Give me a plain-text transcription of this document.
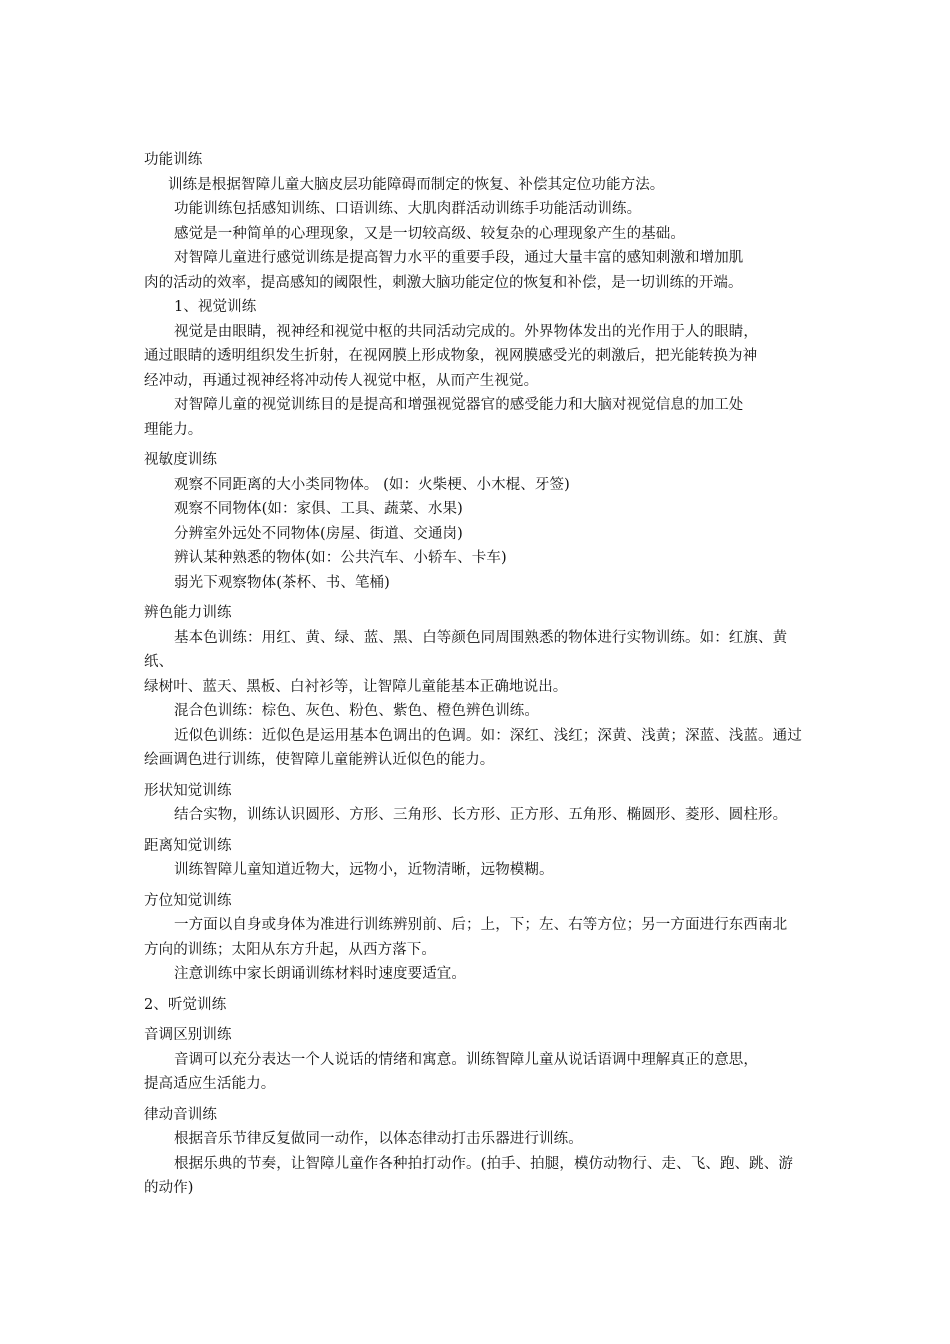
功能训练

训练是根据智障儿童大脑皮层功能障碍而制定的恢复、补偿其定位功能方法。

功能训练包括感知训练、口语训练、大肌肉群活动训练手功能活动训练。

感觉是一种简单的心理现象，又是一切较高级、较复杂的心理现象产生的基础。

对智障儿童进行感觉训练是提高智力水平的重要手段，通过大量丰富的感知刺激和增加肌

肉的活动的效率，提高感知的阈限性，刺激大脑功能定位的恢复和补偿，是一切训练的开端。

1、视觉训练

视觉是由眼睛，视神经和视觉中枢的共同活动完成的。外界物体发出的光作用于人的眼睛，

通过眼睛的透明组织发生折射，在视网膜上形成物象，视网膜感受光的刺激后，把光能转换为神

经冲动，再通过视神经将冲动传人视觉中枢，从而产生视觉。

对智障儿童的视觉训练目的是提高和增强视觉器官的感受能力和大脑对视觉信息的加工处

理能力。

视敏度训练

观察不同距离的大小类同物体。 (如：火柴梗、小木棍、牙签)

观察不同物体(如：家俱、工具、蔬菜、水果)

分辨室外远处不同物体(房屋、街道、交通岗)

辨认某种熟悉的物体(如：公共汽车、小轿车、卡车)

弱光下观察物体(茶杯、书、笔桶)

辨色能力训练

基本色训练：用红、黄、绿、蓝、黑、白等颜色同周围熟悉的物体进行实物训练。如：红旗、黄纸、

绿树叶、蓝天、黑板、白衬衫等，让智障儿童能基本正确地说出。

混合色训练：棕色、灰色、粉色、紫色、橙色辨色训练。

近似色训练：近似色是运用基本色调出的色调。如：深红、浅红；深黄、浅黄；深蓝、浅蓝。通过

绘画调色进行训练，使智障儿童能辨认近似色的能力。

形状知觉训练

结合实物，训练认识圆形、方形、三角形、长方形、正方形、五角形、椭圆形、菱形、圆柱形。

距离知觉训练

训练智障儿童知道近物大，远物小，近物清晰，远物模糊。

方位知觉训练

一方面以自身或身体为准进行训练辨别前、后；上，下；左、右等方位；另一方面进行东西南北

方向的训练；太阳从东方升起，从西方落下。

注意训练中家长朗诵训练材料时速度要适宜。

2、听觉训练

音调区别训练

音调可以充分表达一个人说话的情绪和寓意。训练智障儿童从说话语调中理解真正的意思，

提高适应生活能力。

律动音训练

根据音乐节律反复做同一动作，以体态律动打击乐器进行训练。

根据乐典的节奏，让智障儿童作各种拍打动作。(拍手、拍腿，模仿动物行、走、飞、跑、跳、游

的动作)
